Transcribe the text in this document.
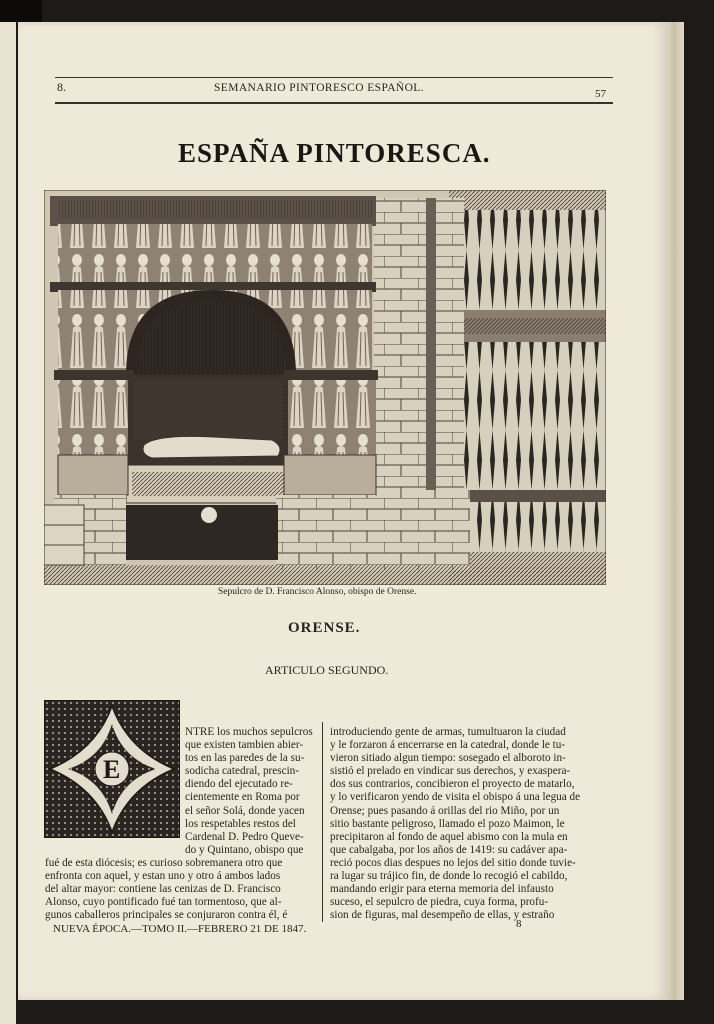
8.	SEMANARIO PINTORESCO ESPAÑOL.	57
ESPAÑA PINTORESCA.
Sepulcro de D. Francisco Alonso, obispo de Orense.
ORENSE.
ARTICULO SEGUNDO.
E
NTRE los muchos sepulcros
que existen tambien abier-
tos en las paredes de la su-
sodicha catedral, prescin-
diendo del ejecutado re-
cientemente en Roma por
el señor Solá, donde yacen
los respetables restos del
Cardenal D. Pedro Queve-
do y Quintano, obispo que
fué de esta diócesis; es curioso sobremanera otro que
enfronta con aquel, y estan uno y otro á ambos lados
del altar mayor: contiene las cenizas de D. Francisco
Alonso, cuyo pontificado fué tan tormentoso, que al-
gunos caballeros principales se conjuraron contra él, é
introduciendo gente de armas, tumultuaron la ciudad
y le forzaron á encerrarse en la catedral, donde le tu-
vieron sitiado algun tiempo: sosegado el alboroto in-
sistió el prelado en vindicar sus derechos, y exaspera-
dos sus contrarios, concibieron el proyecto de matarlo,
y lo verificaron yendo de visita el obispo á una legua de
Orense; pues pasando á orillas del rio Miño, por un
sitio bastante peligroso, llamado el pozo Maimon, le
precipitaron al fondo de aquel abismo con la mula en
que cabalgaba, por los años de 1419: su cadáver apa-
reció pocos dias despues no lejos del sitio donde tuvie-
ra lugar su trájico fin, de donde lo recogió el cabildo,
mandando erigir para eterna memoria del infausto
suceso, el sepulcro de piedra, cuya forma, profu-
sion de figuras, mal desempeño de ellas, y estraño
NUEVA ÉPOCA.—TOMO II.—FEBRERO 21 DE 1847.	8
